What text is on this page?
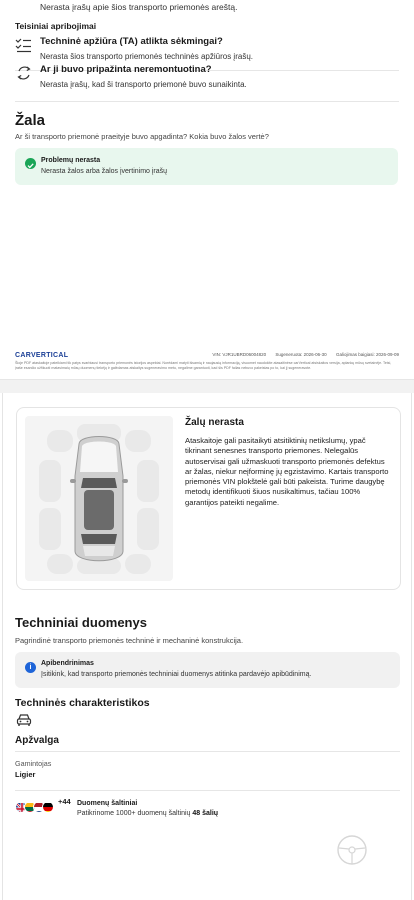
Nerasta įrašų apie šios transporto priemonės areštą.
Teisiniai apribojimai
Techninė apžiūra (TA) atlikta sėkmingai?
Nerasta šios transporto priemonės techninės apžiūros įrašų.
Ar ji buvo pripažinta neremontuotina?
Nerasta įrašų, kad ši transporto priemonė buvo sunaikinta.
Žala
Ar ši transporto priemonė praeityje buvo apgadinta? Kokia buvo žalos vertė?
Problemų nerasta
Nerasta žalos arba žalos įvertinimo įrašų
CARVERTICAL	VIN: VJR1UBRD06004820 Sugeneruota: 2026-06-30 Galiojimas baigiasi: 2026-09-09
Šioje PDF ataskaitoje pateikiami tik patys svarbiausi transporto priemonės istorijos aspektai. Norėdami matyti išsamią ir naujausią informaciją, visuomet naudokite atasaitinėse carVertical atsiskaitos versija, aplankę mūsų svetainėje. Teisi, įraše esančio užfikuoti matavimaių mūsų duomenų tiekėjų ir galėdamas atskaitys sugeneravimo metu, negalime garantuoti, kad šis PDF failas nebuvo pakeistas po to, kai jį sugeneravote.
Žalų nerasta
Ataskaitoje gali pasitaikyti atsitiktinių netikslumų, ypač tikrinant senesnes transporto priemones. Nelegalūs autoservisai gali užmaskuoti transporto priemonės defektus ar žalas, niekur neįforminę jų egzistavimo. Kartais transporto priemonės VIN plokštelė gali būti pakeista. Turime daugybę metodų identifikuoti šiuos nusikaltimus, tačiau 100% garantijos pateikti negalime.
Techniniai duomenys
Pagrindinė transporto priemonės techninė ir mechaninė konstrukcija.
i
Apibendrinimas
Įsitikink, kad transporto priemonės techniniai duomenys atitinka pardavėjo apibūdinimą.
Techninės charakteristikos
Apžvalga
Gamintojas
Ligier
+44 Duomenų šaltiniai
Patikrinome 1000+ duomenų šaltinių 48 šalių
